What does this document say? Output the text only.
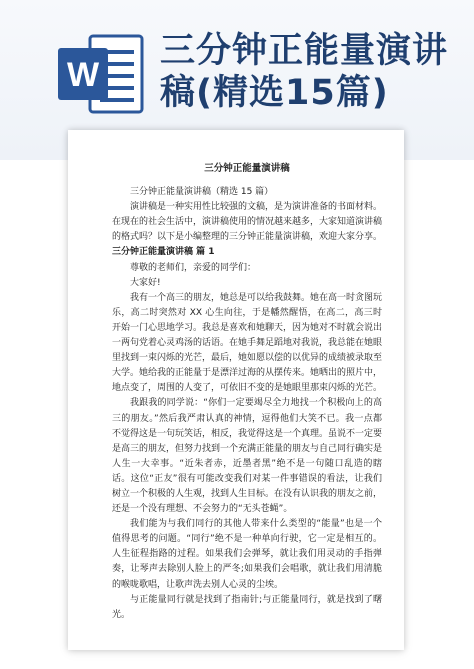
W
三分钟正能量演讲稿(精选15篇)
三分钟正能量演讲稿

三分钟正能量演讲稿（精选 15 篇）

演讲稿是一种实用性比较强的文稿，是为演讲准备的书面材料。在现在的社会生活中，演讲稿使用的情况越来越多，大家知道演讲稿的格式吗？以下是小编整理的三分钟正能量演讲稿，欢迎大家分享。

三分钟正能量演讲稿 篇 1

尊敬的老师们，亲爱的同学们：

大家好!

我有一个高三的朋友，她总是可以给我鼓舞。她在高一时贪图玩乐，高二时突然对 XX 心生向往，于是幡然醒悟，在高二，高三时开始一门心思地学习。我总是喜欢和她聊天，因为她对不时就会说出一两句党着心灵鸡汤的话语。在她手舞足蹈地对我说，我总能在她眼里找到一束闪烁的光芒，最后，她如愿以偿的以优异的成绩被录取至大学。她给我的正能量于是漂洋过海的从摆传来。她晒出的照片中，地点变了，周围的人变了，可依旧不变的是她眼里那束闪烁的光芒。

我跟我的同学说：“你们一定要竭尽全力地找一个积极向上的高三的朋友。”然后我严肃认真的神情，逗得他们大笑不已。我一点都不觉得这是一句玩笑话，相反，我觉得这是一个真理。虽说不一定要是高三的朋友，但努力找到一个充满正能量的朋友与自己同行确实是人生一大幸事。“近朱者赤，近墨者黑”绝不是一句随口乱造的瞎话。这位“正友”很有可能改变我们对某一件事错误的看法，让我们树立一个积极的人生观，找到人生目标。在没有认识我的朋友之前，还是一个没有理想、不会努力的“无头苍蝇”。

我们能为与我们同行的其他人带来什么类型的“能量”也是一个值得思考的问题。“同行”绝不是一种单向行驶，它一定是相互的。人生征程指路的过程。如果我们会弹琴，就让我们用灵动的手指弹奏，让琴声去除别人脸上的严冬;如果我们会唱歌，就让我们用清脆的喉咙歌唱，让歌声洗去别人心灵的尘埃。

与正能量同行就是找到了指南针;与正能量同行，就是找到了曙光。
